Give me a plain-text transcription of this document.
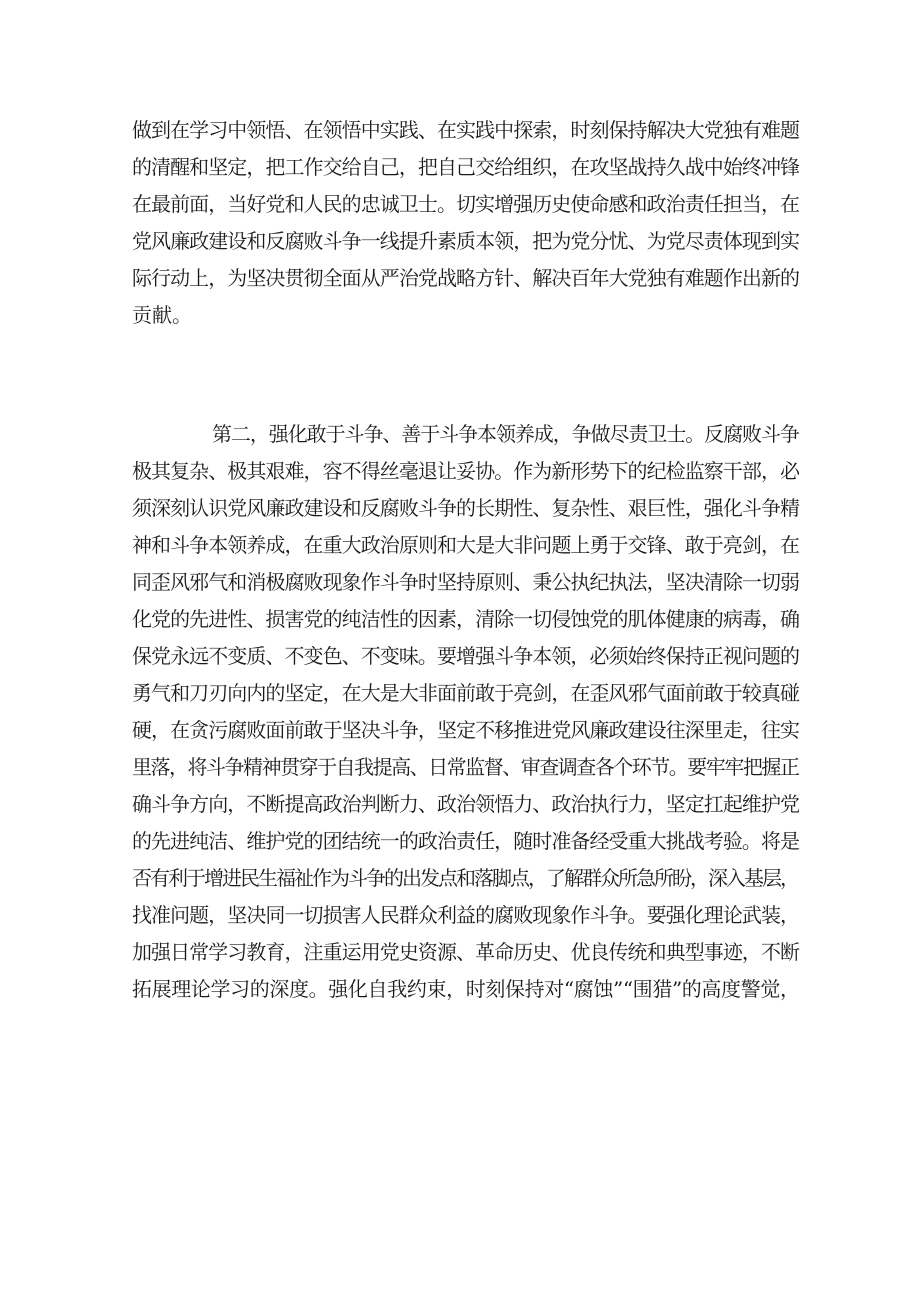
做到在学习中领悟、在领悟中实践、在实践中探索，时刻保持解决大党独有难题
的清醒和坚定，把工作交给自己，把自己交给组织，在攻坚战持久战中始终冲锋
在最前面，当好党和人民的忠诚卫士。切实增强历史使命感和政治责任担当，在
党风廉政建设和反腐败斗争一线提升素质本领，把为党分忧、为党尽责体现到实
际行动上，为坚决贯彻全面从严治党战略方针、解决百年大党独有难题作出新的
贡献。
第二，强化敢于斗争、善于斗争本领养成，争做尽责卫士。反腐败斗争
极其复杂、极其艰难，容不得丝毫退让妥协。作为新形势下的纪检监察干部，必
须深刻认识党风廉政建设和反腐败斗争的长期性、复杂性、艰巨性，强化斗争精
神和斗争本领养成，在重大政治原则和大是大非问题上勇于交锋、敢于亮剑，在
同歪风邪气和消极腐败现象作斗争时坚持原则、秉公执纪执法，坚决清除一切弱
化党的先进性、损害党的纯洁性的因素，清除一切侵蚀党的肌体健康的病毒，确
保党永远不变质、不变色、不变味。要增强斗争本领，必须始终保持正视问题的
勇气和刀刃向内的坚定，在大是大非面前敢于亮剑，在歪风邪气面前敢于较真碰
硬，在贪污腐败面前敢于坚决斗争，坚定不移推进党风廉政建设往深里走，往实
里落，将斗争精神贯穿于自我提高、日常监督、审查调查各个环节。要牢牢把握正
确斗争方向，不断提高政治判断力、政治领悟力、政治执行力，坚定扛起维护党
的先进纯洁、维护党的团结统一的政治责任，随时准备经受重大挑战考验。将是
否有利于增进民生福祉作为斗争的出发点和落脚点，了解群众所急所盼，深入基层，
找准问题，坚决同一切损害人民群众利益的腐败现象作斗争。要强化理论武装，
加强日常学习教育，注重运用党史资源、革命历史、优良传统和典型事迹，不断
拓展理论学习的深度。强化自我约束，时刻保持对“腐蚀”“围猎”的高度警觉，
